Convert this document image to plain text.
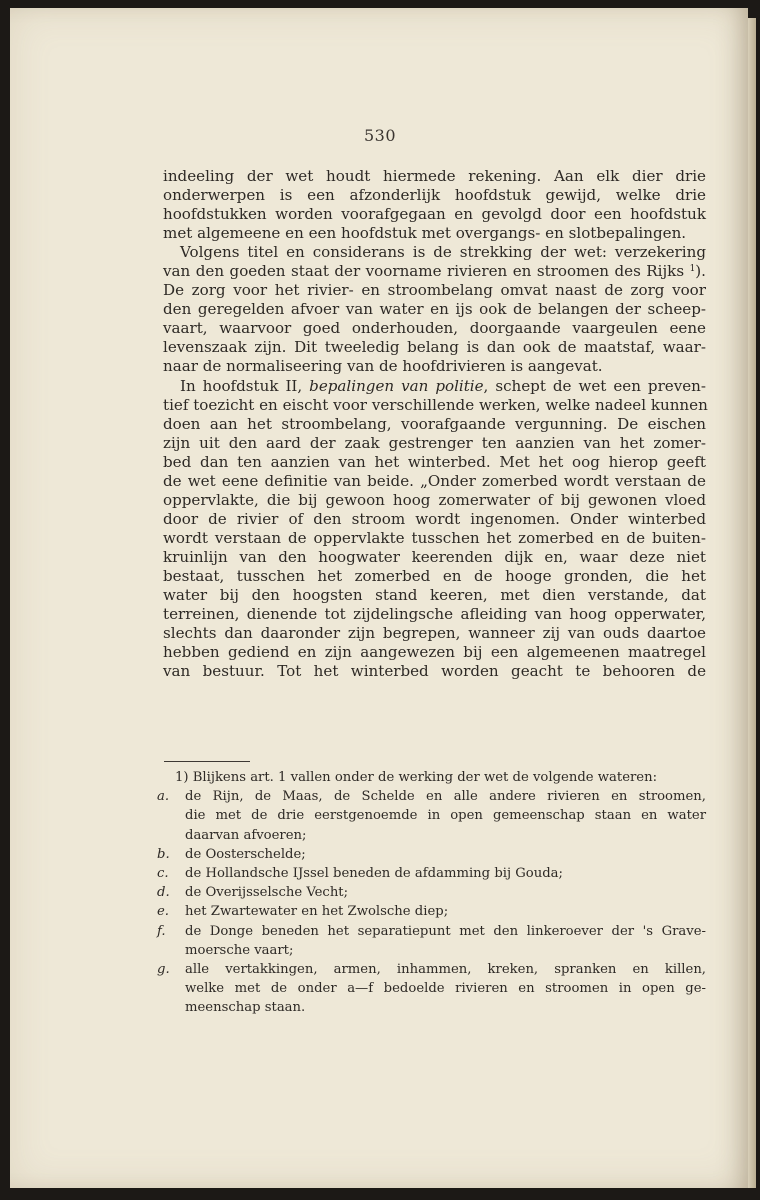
530
indeeling der wet houdt hiermede rekening. Aan elk dier drie
onderwerpen is een afzonderlijk hoofdstuk gewijd, welke drie
hoofdstukken worden voorafgegaan en gevolgd door een hoofdstuk
met algemeene en een hoofdstuk met overgangs- en slotbepalingen.
Volgens titel en considerans is de strekking der wet: verzekering
van den goeden staat der voorname rivieren en stroomen des Rijks $^1$).
De zorg voor het rivier- en stroombelang omvat naast de zorg voor
den geregelden afvoer van water en ijs ook de belangen der scheep-
vaart, waarvoor goed onderhouden, doorgaande vaargeulen eene
levenszaak zijn. Dit tweeledig belang is dan ook de maatstaf, waar-
naar de normaliseering van de hoofdrivieren is aangevat.
In hoofdstuk II, bepalingen van politie, schept de wet een preven-
tief toezicht en eischt voor verschillende werken, welke nadeel kunnen
doen aan het stroombelang, voorafgaande vergunning. De eischen
zijn uit den aard der zaak gestrenger ten aanzien van het zomer-
bed dan ten aanzien van het winterbed. Met het oog hierop geeft
de wet eene definitie van beide. „Onder zomerbed wordt verstaan de
oppervlakte, die bij gewoon hoog zomerwater of bij gewonen vloed
door de rivier of den stroom wordt ingenomen. Onder winterbed
wordt verstaan de oppervlakte tusschen het zomerbed en de buiten-
kruinlijn van den hoogwater keerenden dijk en, waar deze niet
bestaat, tusschen het zomerbed en de hooge gronden, die het
water bij den hoogsten stand keeren, met dien verstande, dat
terreinen, dienende tot zijdelingsche afleiding van hoog opperwater,
slechts dan daaronder zijn begrepen, wanneer zij van ouds daartoe
hebben gediend en zijn aangewezen bij een algemeenen maatregel
van bestuur. Tot het winterbed worden geacht te behooren de
1) Blijkens art. 1 vallen onder de werking der wet de volgende wateren:
a.	de Rijn, de Maas, de Schelde en alle andere rivieren en stroomen,
die met de drie eerstgenoemde in open gemeenschap staan en water
daarvan afvoeren;
b.	de Oosterschelde;
c.	de Hollandsche IJssel beneden de afdamming bij Gouda;
d.	de Overijsselsche Vecht;
e.	het Zwartewater en het Zwolsche diep;
f.	de Donge beneden het separatiepunt met den linkeroever der 's Grave-
moersche vaart;
g.	alle vertakkingen, armen, inhammen, kreken, spranken en killen,
welke met de onder a—f bedoelde rivieren en stroomen in open ge-
meenschap staan.
